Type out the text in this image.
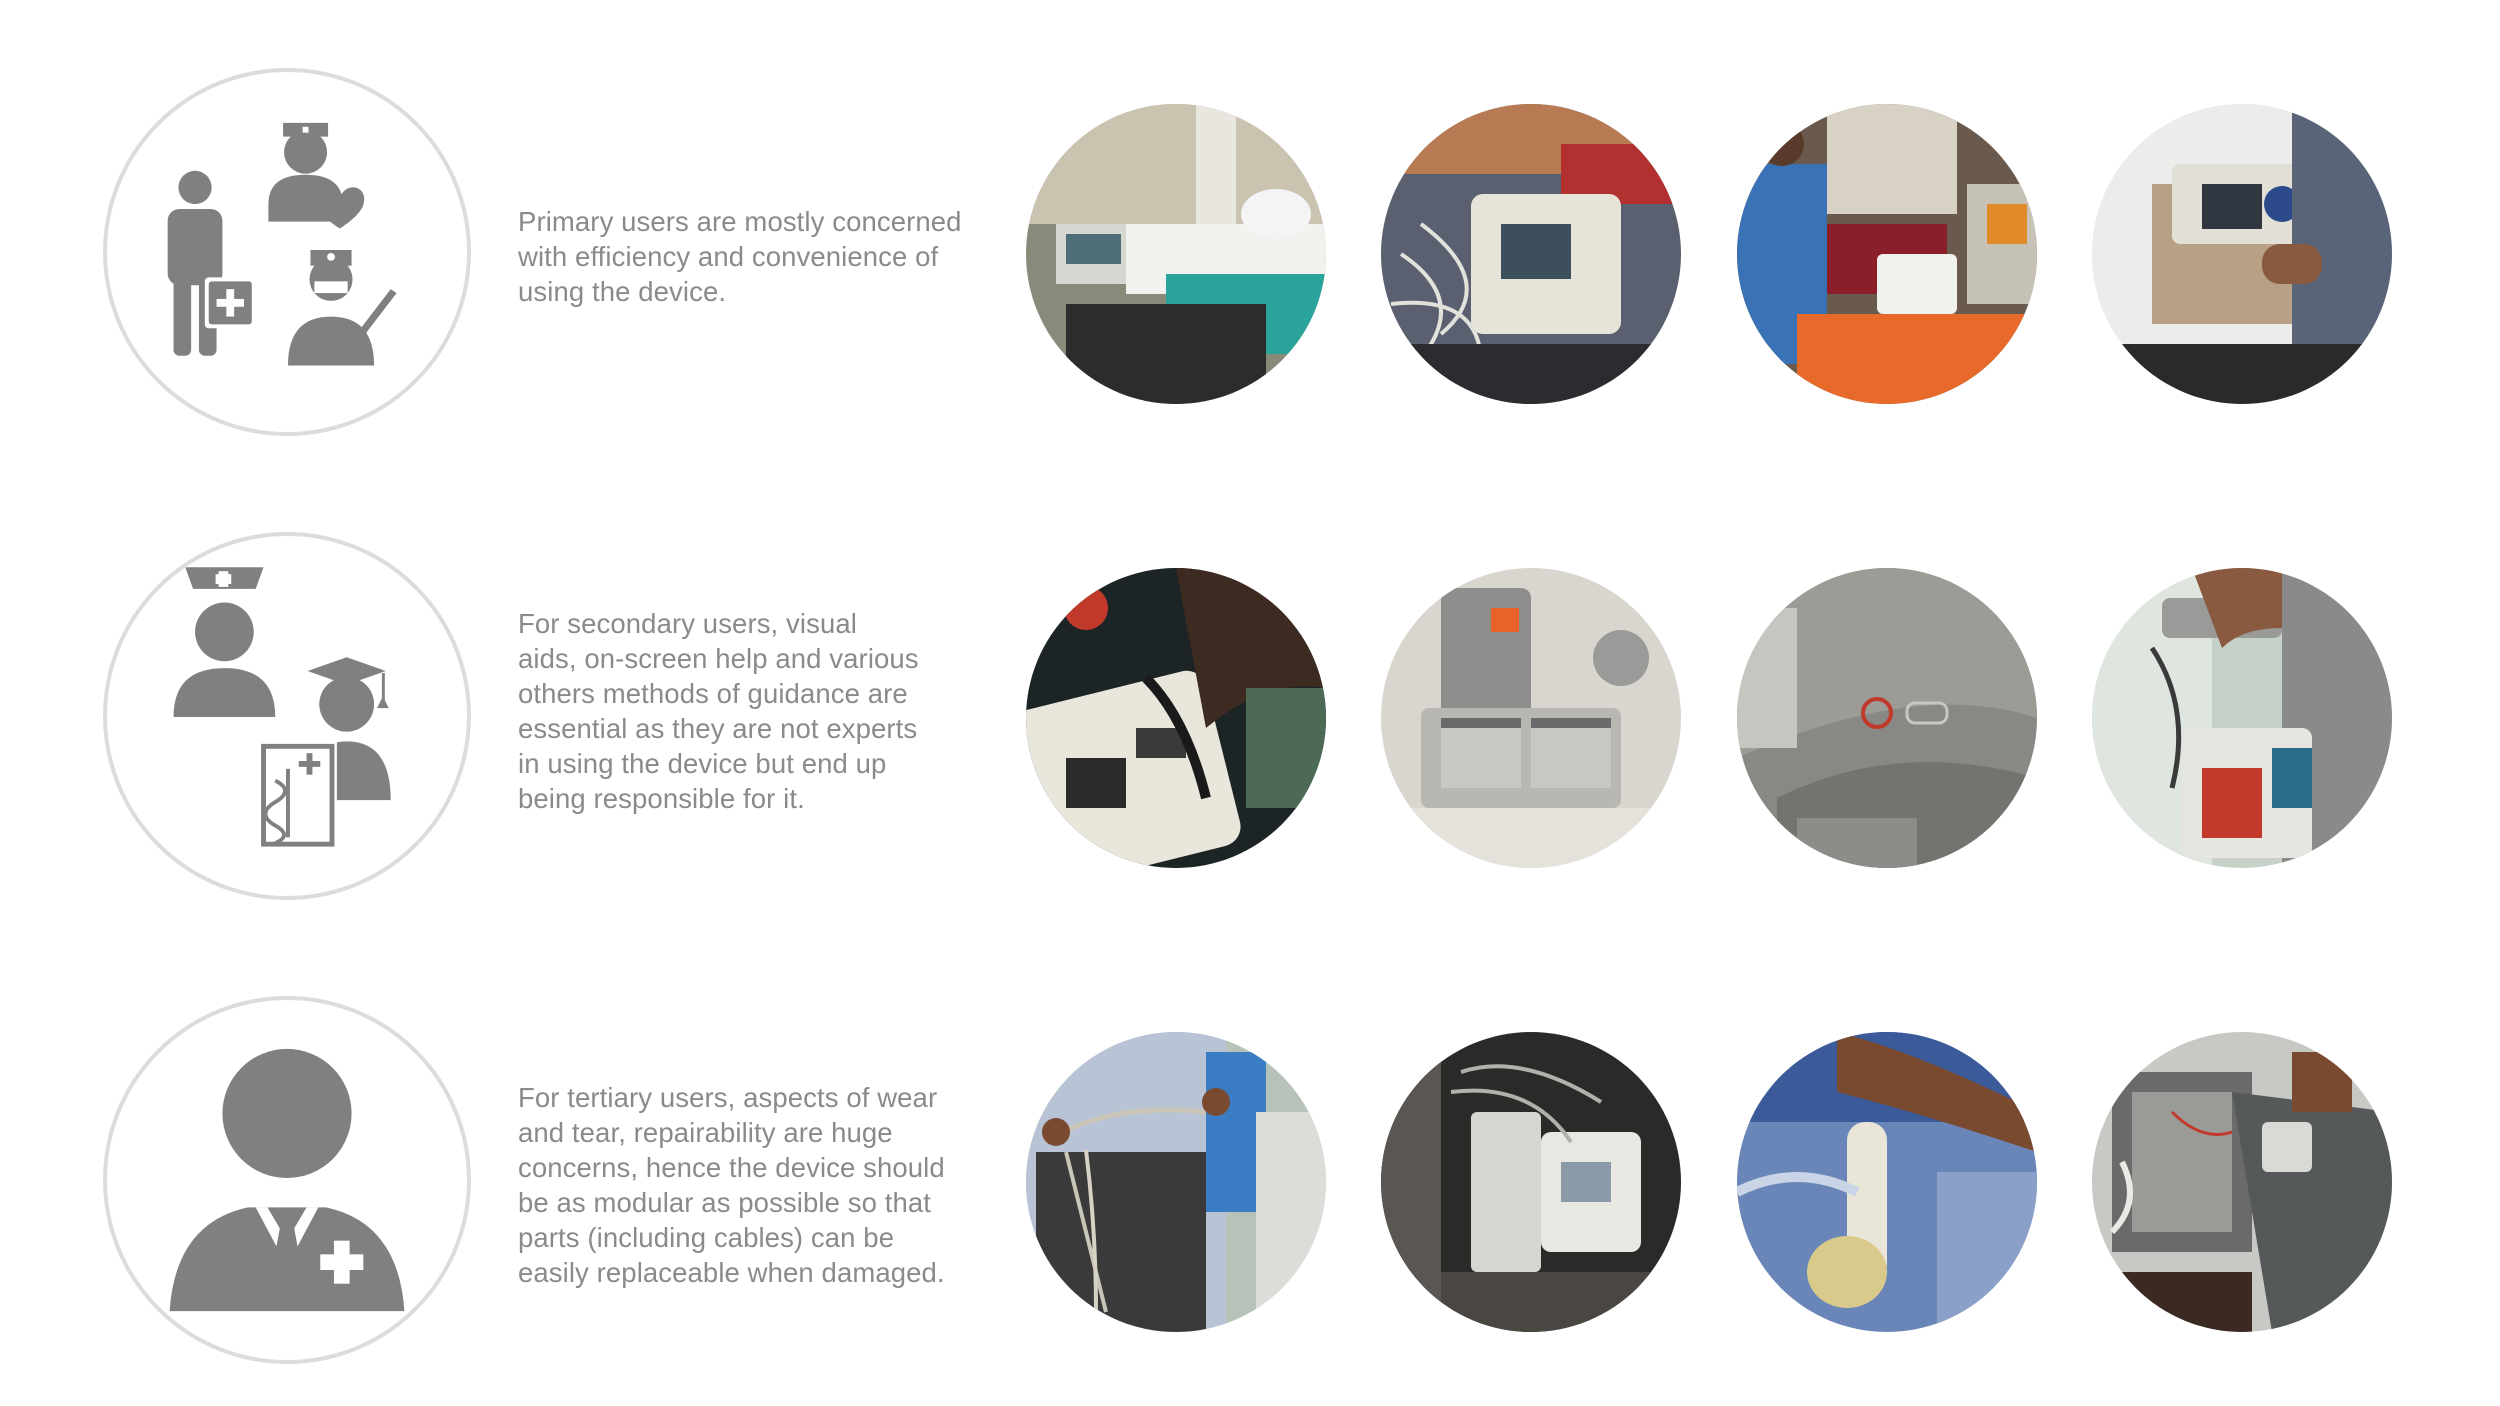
Primary users are mostly concerned
with efficiency and convenience of
using the device.

For secondary users, visual
aids, on-screen help and various
others methods of guidance are
essential as they are not experts
in using the device but end up
being responsible for it.

For tertiary users, aspects of wear
and tear, repairability are huge
concerns, hence the device should
be as modular as possible so that
parts (including cables) can be
easily replaceable when damaged.
